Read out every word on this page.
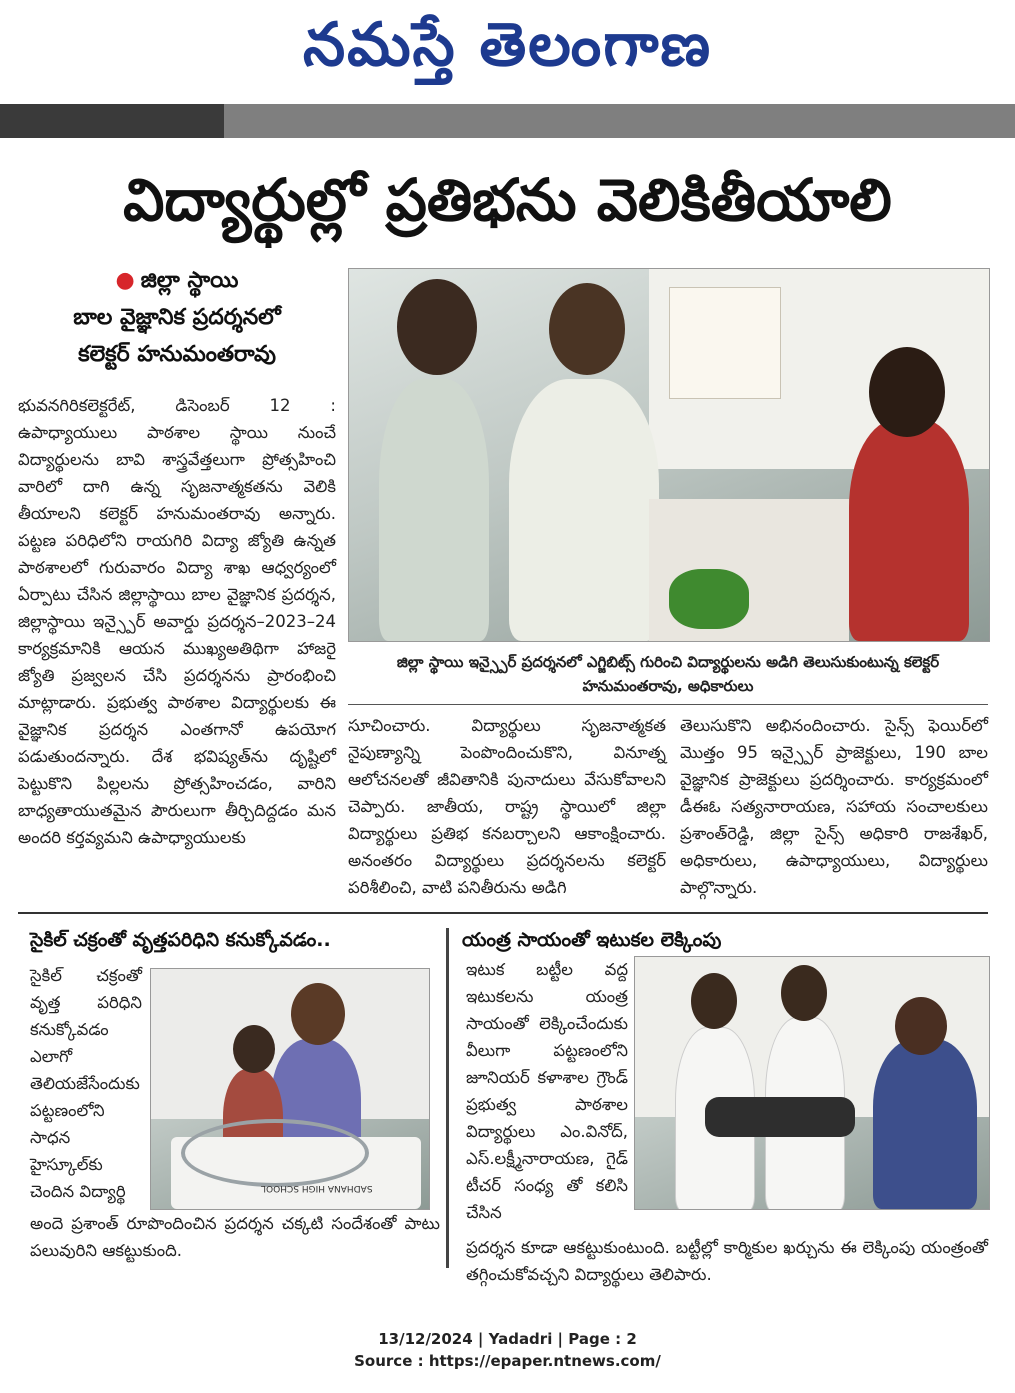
నమస్తే తెలంగాణ
విద్యార్థుల్లో ప్రతిభను వెలికితీయాలి
● జిల్లా స్థాయి
బాల వైజ్ఞానిక ప్రదర్శనలో
కలెక్టర్ హనుమంతరావు
భువనగిరికలెక్టరేట్, డిసెంబర్ 12 : ఉపాధ్యాయులు పాఠశాల స్థాయి నుంచే విద్యార్థులను బావి శాస్త్రవేత్తలుగా ప్రోత్సహించి వారిలో దాగి ఉన్న సృజనాత్మకతను వెలికి తీయాలని కలెక్టర్ హనుమంతరావు అన్నారు. పట్టణ పరిధిలోని రాయగిరి విద్యా జ్యోతి ఉన్నత పాఠశాలలో గురువారం విద్యా శాఖ ఆధ్వర్యంలో ఏర్పాటు చేసిన జిల్లాస్థాయి బాల వైజ్ఞానిక ప్రదర్శన, జిల్లాస్థాయి ఇన్స్పైర్ అవార్డు ప్రదర్శన–2023–24 కార్యక్రమానికి ఆయన ముఖ్యఅతిథిగా హాజరై జ్యోతి ప్రజ్వలన చేసి ప్రదర్శనను ప్రారంభించి మాట్లాడారు. ప్రభుత్వ పాఠశాల విద్యార్థులకు ఈ వైజ్ఞానిక ప్రదర్శన ఎంతగానో ఉపయోగ పడుతుందన్నారు. దేశ భవిష్యత్‌ను దృష్టిలో పెట్టుకొని పిల్లలను ప్రోత్సహించడం, వారిని బాధ్యతాయుతమైన పౌరులుగా తీర్చిదిద్దడం మన అందరి కర్తవ్యమని ఉపాధ్యాయులకు
జిల్లా స్థాయి ఇన్స్పైర్ ప్రదర్శనలో ఎగ్జిబిట్స్ గురించి విద్యార్థులను అడిగి తెలుసుకుంటున్న కలెక్టర్ హనుమంతరావు, అధికారులు
సూచించారు. విద్యార్థులు సృజనాత్మకత నైపుణ్యాన్ని పెంపొందించుకొని, వినూత్న ఆలోచనలతో జీవితానికి పునాదులు వేసుకోవాలని చెప్పారు. జాతీయ, రాష్ట్ర స్థాయిలో జిల్లా విద్యార్థులు ప్రతిభ కనబర్చాలని ఆకాంక్షించారు. అనంతరం విద్యార్థులు ప్రదర్శనలను కలెక్టర్ పరిశీలించి, వాటి పనితీరును అడిగి
తెలుసుకొని అభినందించారు. సైన్స్ ఫెయిర్‌లో మొత్తం 95 ఇన్స్పైర్ ప్రాజెక్టులు, 190 బాల వైజ్ఞానిక ప్రాజెక్టులు ప్రదర్శించారు. కార్యక్రమంలో డీఈఓ సత్యనారాయణ, సహాయ సంచాలకులు ప్రశాంత్‌రెడ్డి, జిల్లా సైన్స్ అధికారి రాజశేఖర్, అధికారులు, ఉపాధ్యాయులు, విద్యార్థులు పాల్గొన్నారు.
సైకిల్ చక్రంతో వృత్తపరిధిని కనుక్కోవడం..
సైకిల్ చక్రంతో వృత్త పరిధిని కనుక్కోవడం ఎలాగో తెలియజేసేందుకు పట్టణంలోని సాధన హైస్కూల్‌కు చెందిన విద్యార్థి	SADHANA HIGH SCHOOL
అందె ప్రశాంత్ రూపొందించిన ప్రదర్శన చక్కటి సందేశంతో పాటు పలువురిని ఆకట్టుకుంది.
యంత్ర సాయంతో ఇటుకల లెక్కింపు
ఇటుక బట్టీల వద్ద ఇటుకలను యంత్ర సాయంతో లెక్కించేందుకు వీలుగా పట్టణంలోని జూనియర్ కళాశాల గ్రౌండ్ ప్రభుత్వ పాఠశాల విద్యార్థులు ఎం.వినోద్, ఎస్.లక్ష్మీనారాయణ, గైడ్ టీచర్ సంధ్య తో కలిసి చేసిన
ప్రదర్శన కూడా ఆకట్టుకుంటుంది. బట్టీల్లో కార్మికుల ఖర్చును ఈ లెక్కింపు యంత్రంతో తగ్గించుకోవచ్చని విద్యార్థులు తెలిపారు.
13/12/2024 | Yadadri | Page : 2
Source : https://epaper.ntnews.com/
